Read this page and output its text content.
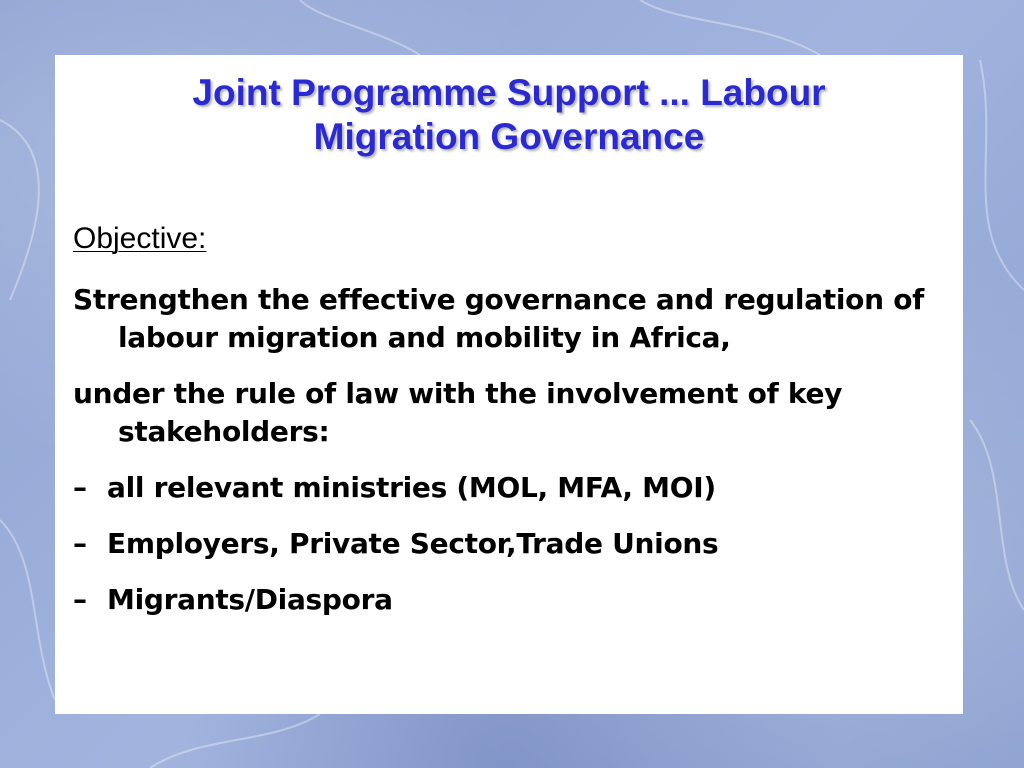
Joint Programme Support ... Labour
Migration Governance
Objective:

Strengthen the effective governance and regulation of labour migration and mobility in Africa,

under the rule of law with the involvement of key stakeholders:

– all relevant ministries (MOL, MFA, MOI)

– Employers, Private Sector,Trade Unions

– Migrants/Diaspora
